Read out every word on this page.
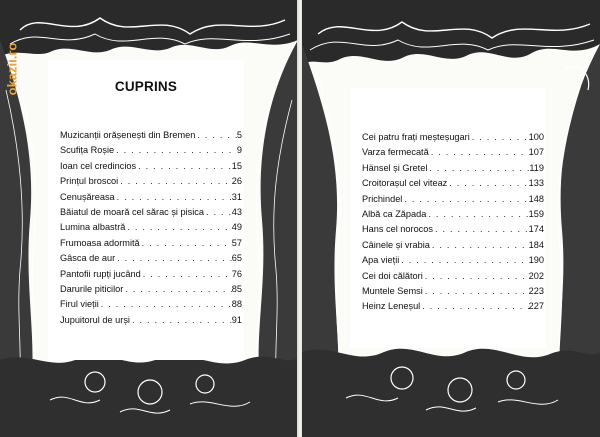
okazii.ro	CUPRINS
Muzicanții orășenești din Bremen . . .	5
Scufița Roșie . . .	9
Ioan cel credincios . . .	15
Prințul broscoi . . .	26
Cenușăreasa . . .	31
Băiatul de moară cel sărac și pisica . . .	43
Lumina albastră . . .	49
Frumoasa adormită . . .	57
Gâsca de aur . . .	65
Pantofii rupți jucând . . .	76
Darurile piticilor . . .	85
Firul vieții . . .	88
Jupuitorul de urși . . .	91
Cei patru frați meșteșugari . . .	100
Varza fermecată . . .	107
Hänsel și Gretel . . .	119
Croitorașul cel viteaz . . .	133
Prichindel . . .	148
Albă ca Zăpada . . .	159
Hans cel norocos . . .	174
Câinele și vrabia . . .	184
Apa vieții . . .	190
Cei doi călători . . .	202
Muntele Semsi . . .	223
Heinz Leneșul . . .	227
